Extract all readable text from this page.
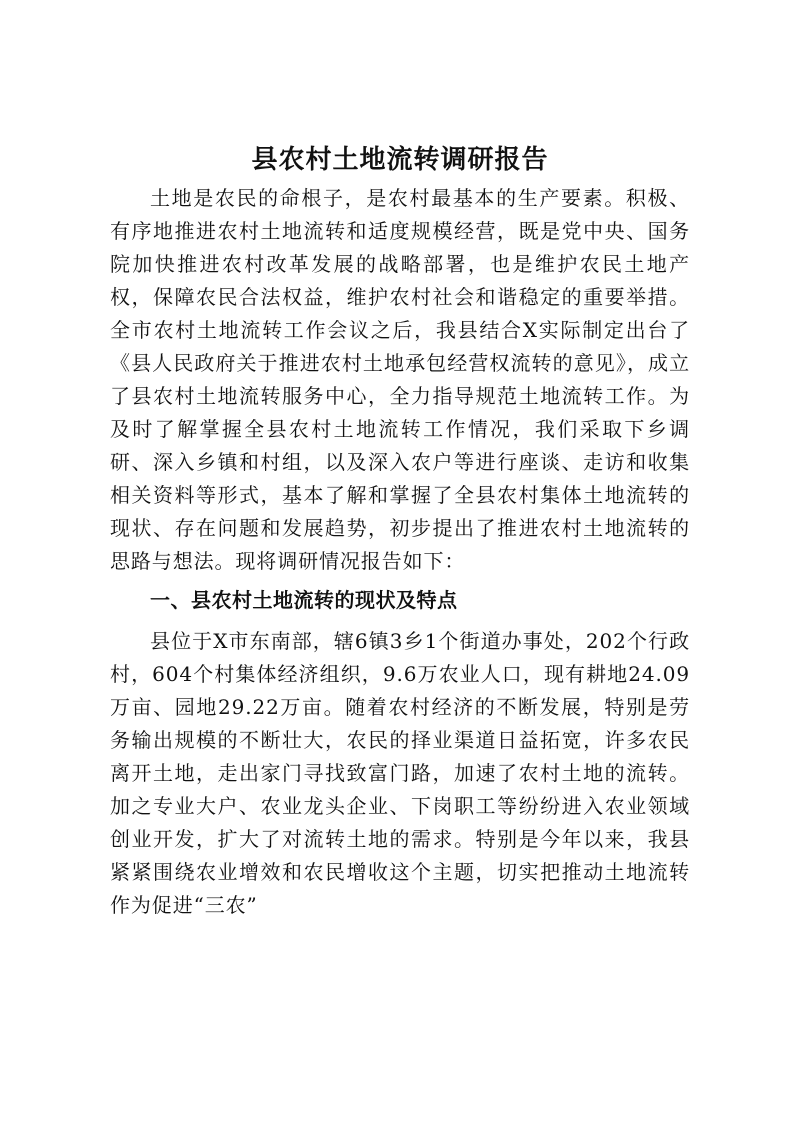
县农村土地流转调研报告

土地是农民的命根子，是农村最基本的生产要素。积极、有序地推进农村土地流转和适度规模经营，既是党中央、国务院加快推进农村改革发展的战略部署，也是维护农民土地产权，保障农民合法权益，维护农村社会和谐稳定的重要举措。全市农村土地流转工作会议之后，我县结合X实际制定出台了《县人民政府关于推进农村土地承包经营权流转的意见》，成立了县农村土地流转服务中心，全力指导规范土地流转工作。为及时了解掌握全县农村土地流转工作情况，我们采取下乡调研、深入乡镇和村组，以及深入农户等进行座谈、走访和收集相关资料等形式，基本了解和掌握了全县农村集体土地流转的现状、存在问题和发展趋势，初步提出了推进农村土地流转的思路与想法。现将调研情况报告如下：

一、县农村土地流转的现状及特点

县位于X市东南部，辖6镇3乡1个街道办事处，202个行政村，604个村集体经济组织，9.6万农业人口，现有耕地24.09万亩、园地29.22万亩。随着农村经济的不断发展，特别是劳务输出规模的不断壮大，农民的择业渠道日益拓宽，许多农民离开土地，走出家门寻找致富门路，加速了农村土地的流转。加之专业大户、农业龙头企业、下岗职工等纷纷进入农业领域创业开发，扩大了对流转土地的需求。特别是今年以来，我县紧紧围绕农业增效和农民增收这个主题，切实把推动土地流转作为促进“三农”
